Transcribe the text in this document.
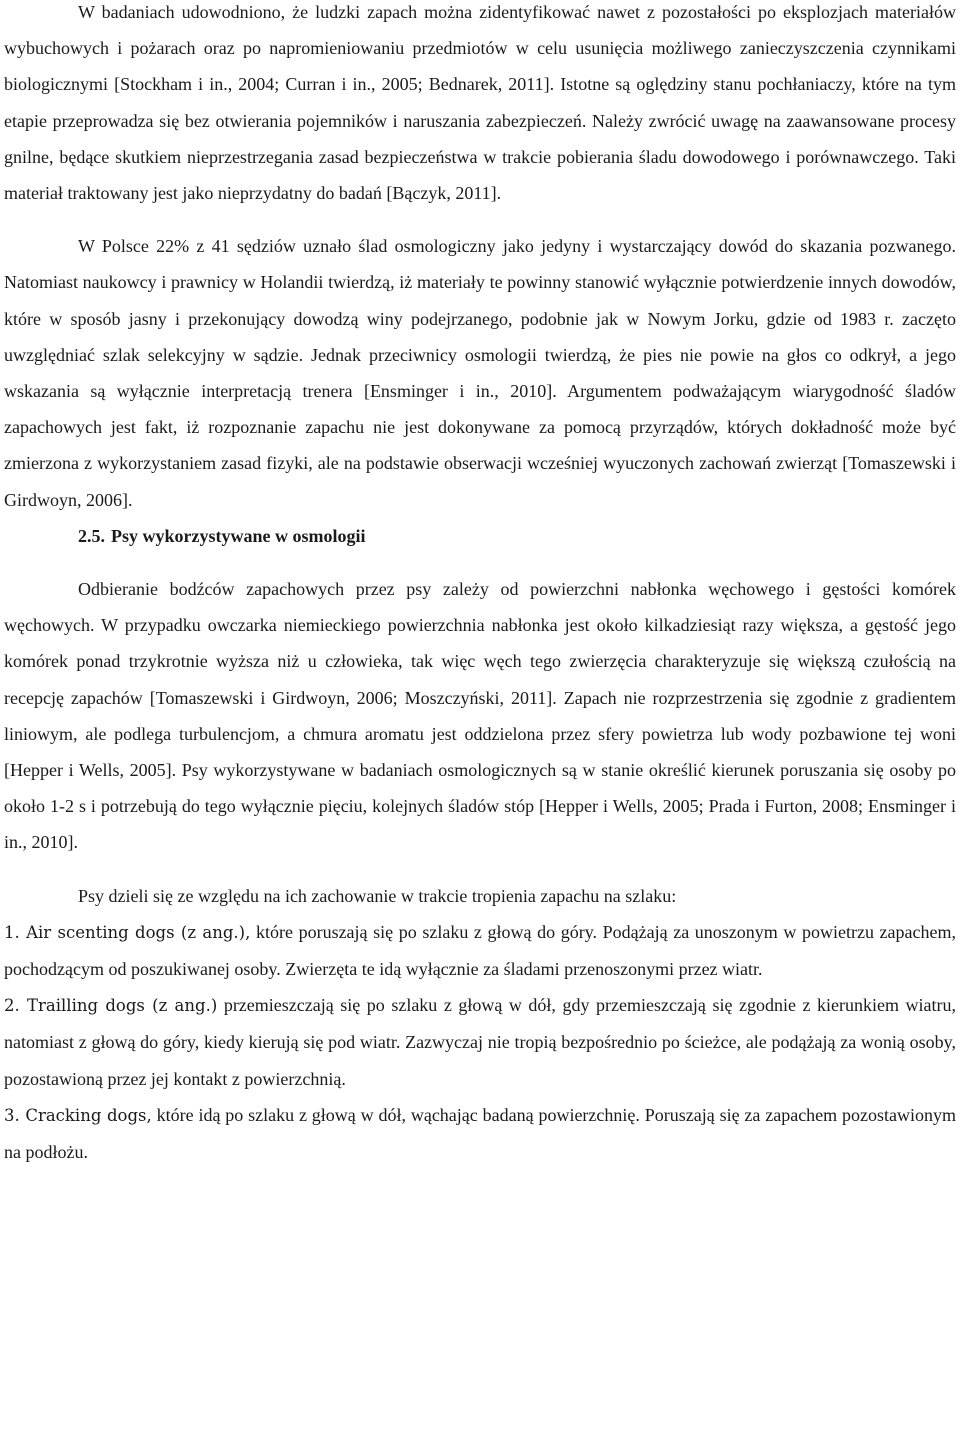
W badaniach udowodniono, że ludzki zapach można zidentyfikować nawet z pozostałości po eksplozjach materiałów wybuchowych i pożarach oraz po napromieniowaniu przedmiotów w celu usunięcia możliwego zanieczyszczenia czynnikami biologicznymi [Stockham i in., 2004; Curran i in., 2005; Bednarek, 2011]. Istotne są oględziny stanu pochłaniaczy, które na tym etapie przeprowadza się bez otwierania pojemników i naruszania zabezpieczeń. Należy zwrócić uwagę na zaawansowane procesy gnilne, będące skutkiem nieprzestrzegania zasad bezpieczeństwa w trakcie pobierania śladu dowodowego i porównawczego. Taki materiał traktowany jest jako nieprzydatny do badań [Bączyk, 2011].

W Polsce 22% z 41 sędziów uznało ślad osmologiczny jako jedyny i wystarczający dowód do skazania pozwanego. Natomiast naukowcy i prawnicy w Holandii twierdzą, iż materiały te powinny stanowić wyłącznie potwierdzenie innych dowodów, które w sposób jasny i przekonujący dowodzą winy podejrzanego, podobnie jak w Nowym Jorku, gdzie od 1983 r. zaczęto uwzględniać szlak selekcyjny w sądzie. Jednak przeciwnicy osmologii twierdzą, że pies nie powie na głos co odkrył, a jego wskazania są wyłącznie interpretacją trenera [Ensminger i in., 2010]. Argumentem podważającym wiarygodność śladów zapachowych jest fakt, iż rozpoznanie zapachu nie jest dokonywane za pomocą przyrządów, których dokładność może być zmierzona z wykorzystaniem zasad fizyki, ale na podstawie obserwacji wcześniej wyuczonych zachowań zwierząt [Tomaszewski i Girdwoyn, 2006].

2.5. Psy wykorzystywane w osmologii

Odbieranie bodźców zapachowych przez psy zależy od powierzchni nabłonka węchowego i gęstości komórek węchowych. W przypadku owczarka niemieckiego powierzchnia nabłonka jest około kilkadziesiąt razy większa, a gęstość jego komórek ponad trzykrotnie wyższa niż u człowieka, tak więc węch tego zwierzęcia charakteryzuje się większą czułością na recepcję zapachów [Tomaszewski i Girdwoyn, 2006; Moszczyński, 2011]. Zapach nie rozprzestrzenia się zgodnie z gradientem liniowym, ale podlega turbulencjom, a chmura aromatu jest oddzielona przez sfery powietrza lub wody pozbawione tej woni [Hepper i Wells, 2005]. Psy wykorzystywane w badaniach osmologicznych są w stanie określić kierunek poruszania się osoby po około 1-2 s i potrzebują do tego wyłącznie pięciu, kolejnych śladów stóp [Hepper i Wells, 2005; Prada i Furton, 2008; Ensminger i in., 2010].

Psy dzieli się ze względu na ich zachowanie w trakcie tropienia zapachu na szlaku:

1. Air scenting dogs (z ang.), które poruszają się po szlaku z głową do góry. Podążają za unoszonym w powietrzu zapachem, pochodzącym od poszukiwanej osoby. Zwierzęta te idą wyłącznie za śladami przenoszonymi przez wiatr.

2. Trailling dogs (z ang.) przemieszczają się po szlaku z głową w dół, gdy przemieszczają się zgodnie z kierunkiem wiatru, natomiast z głową do góry, kiedy kierują się pod wiatr. Zazwyczaj nie tropią bezpośrednio po ścieżce, ale podążają za wonią osoby, pozostawioną przez jej kontakt z powierzchnią.

3. Cracking dogs, które idą po szlaku z głową w dół, wąchając badaną powierzchnię. Poruszają się za zapachem pozostawionym na podłożu.
